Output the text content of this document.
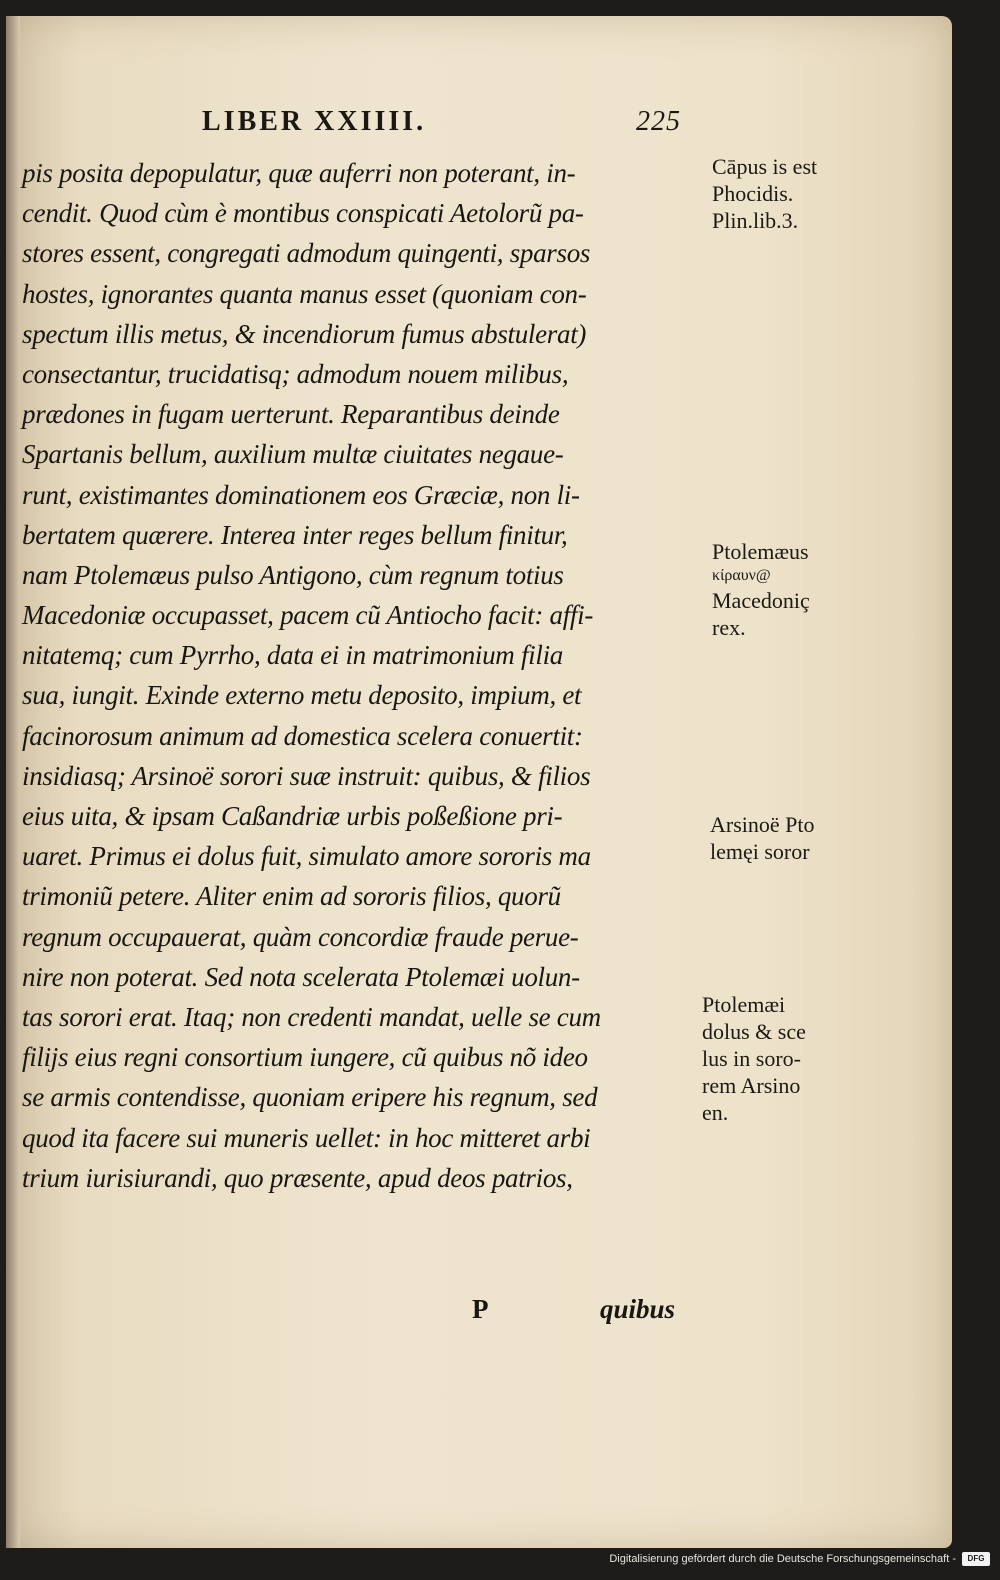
LIBER XXIIII.	225
pis posita depopulatur, quæ auferri non poterant, in-
cendit. Quod cùm è montibus conspicati Aetolorũ pa-
stores essent, congregati admodum quingenti, sparsos
hostes, ignorantes quanta manus esset (quoniam con-
spectum illis metus, & incendiorum fumus abstulerat)
consectantur, trucidatisq; admodum nouem milibus,
prædones in fugam uerterunt. Reparantibus deinde
Spartanis bellum, auxilium multæ ciuitates negaue-
runt, existimantes dominationem eos Græciæ, non li-
bertatem quærere. Interea inter reges bellum finitur,
nam Ptolemæus pulso Antigono, cùm regnum totius
Macedoniæ occupasset, pacem cũ Antiocho facit: affi-
nitatemq; cum Pyrrho, data ei in matrimonium filia
sua, iungit. Exinde externo metu deposito, impium, et
facinorosum animum ad domestica scelera conuertit:
insidiasq; Arsinoë sorori suæ instruit: quibus, & filios
eius uita, & ipsam Caßandriæ urbis poßeßione pri-
uaret. Primus ei dolus fuit, simulato amore sororis ma
trimoniũ petere. Aliter enim ad sororis filios, quorũ
regnum occupauerat, quàm concordiæ fraude perue-
nire non poterat. Sed nota scelerata Ptolemæi uolun-
tas sorori erat. Itaq; non credenti mandat, uelle se cum
filijs eius regni consortium iungere, cũ quibus nõ ideo
se armis contendisse, quoniam eripere his regnum, sed
quod ita facere sui muneris uellet: in hoc mitteret arbi
trium iurisiurandi, quo præsente, apud deos patrios,
Cāpus is est
Phocidis.
Plin.lib.3.
Ptolemæus
κίραυν@
Macedoniç
rex.
Arsinoë Pto
lemęi soror
Ptolemæi
dolus & sce
lus in soro-
rem Arsino
en.
P	quibus
Digitalisierung gefördert durch die Deutsche Forschungsgemeinschaft -	DFG
